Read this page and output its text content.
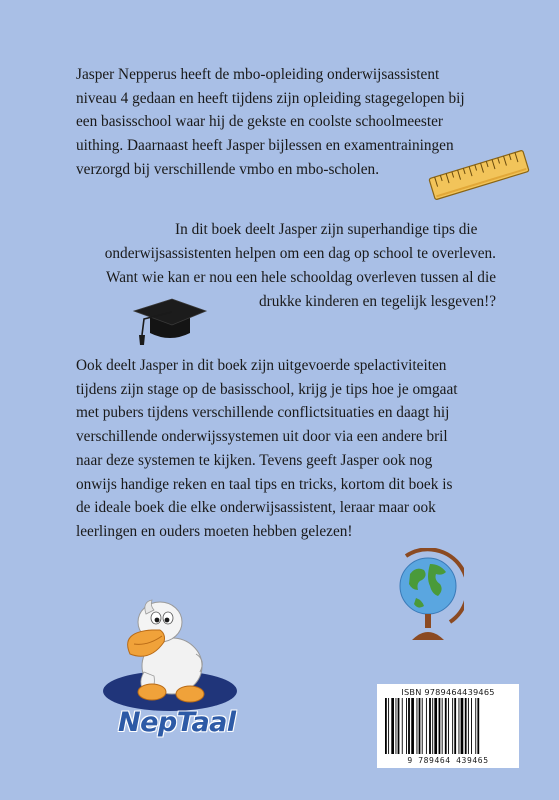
Jasper Nepperus heeft de mbo-opleiding onderwijsassistent
niveau 4 gedaan en heeft tijdens zijn opleiding stagegelopen bij
een basisschool waar hij de gekste en coolste schoolmeester
uithing. Daarnaast heeft Jasper bijlessen en examentrainingen
verzorgd bij verschillende vmbo en mbo-scholen.

In dit boek deelt Jasper zijn superhandige tips die
onderwijsassistenten helpen om een dag op school te overleven.
Want wie kan er nou een hele schooldag overleven tussen al die
drukke kinderen en tegelijk lesgeven!?

Ook deelt Jasper in dit boek zijn uitgevoerde spelactiviteiten
tijdens zijn stage op de basisschool, krijg je tips hoe je omgaat
met pubers tijdens verschillende conflictsituaties en daagt hij
verschillende onderwijssystemen uit door via een andere bril
naar deze systemen te kijken. Tevens geeft Jasper ook nog
onwijs handige reken en taal tips en tricks, kortom dit boek is
de ideale boek die elke onderwijsassistent, leraar maar ook
leerlingen en ouders moeten hebben gelezen!

NepTaal
ISBN 9789464439465
9 789464 439465
